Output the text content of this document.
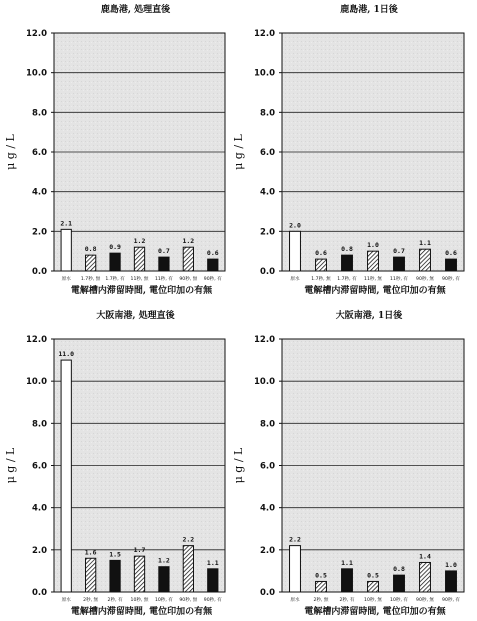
鹿島港, 処理直後
0.0
2.0
4.0
6.0
8.0
10.0
12.0
μ g / L
2.1
原水
0.8
1.7秒, 無
0.9
1.7秒, 有
1.2
11秒, 無
0.7
11秒, 有
1.2
90秒, 無
0.6
90秒, 有
電解槽内滞留時間, 電位印加の有無
鹿島港, 1日後
0.0
2.0
4.0
6.0
8.0
10.0
12.0
μ g / L
2.0
原水
0.6
1.7秒, 無
0.8
1.7秒, 有
1.0
11秒, 無
0.7
11秒, 有
1.1
90秒, 無
0.6
90秒, 有
電解槽内滞留時間, 電位印加の有無
大阪南港, 処理直後
0.0
2.0
4.0
6.0
8.0
10.0
12.0
μ g / L
11.0
原水
1.6
2秒, 無
1.5
2秒, 有
1.7
10秒, 無
1.2
10秒, 有
2.2
90秒, 無
1.1
90秒, 有
電解槽内滞留時間, 電位印加の有無
大阪南港, 1日後
0.0
2.0
4.0
6.0
8.0
10.0
12.0
μ g / L
2.2
原水
0.5
2秒, 無
1.1
2秒, 有
0.5
10秒, 無
0.8
10秒, 有
1.4
90秒, 無
1.0
90秒, 有
電解槽内滞留時間, 電位印加の有無
